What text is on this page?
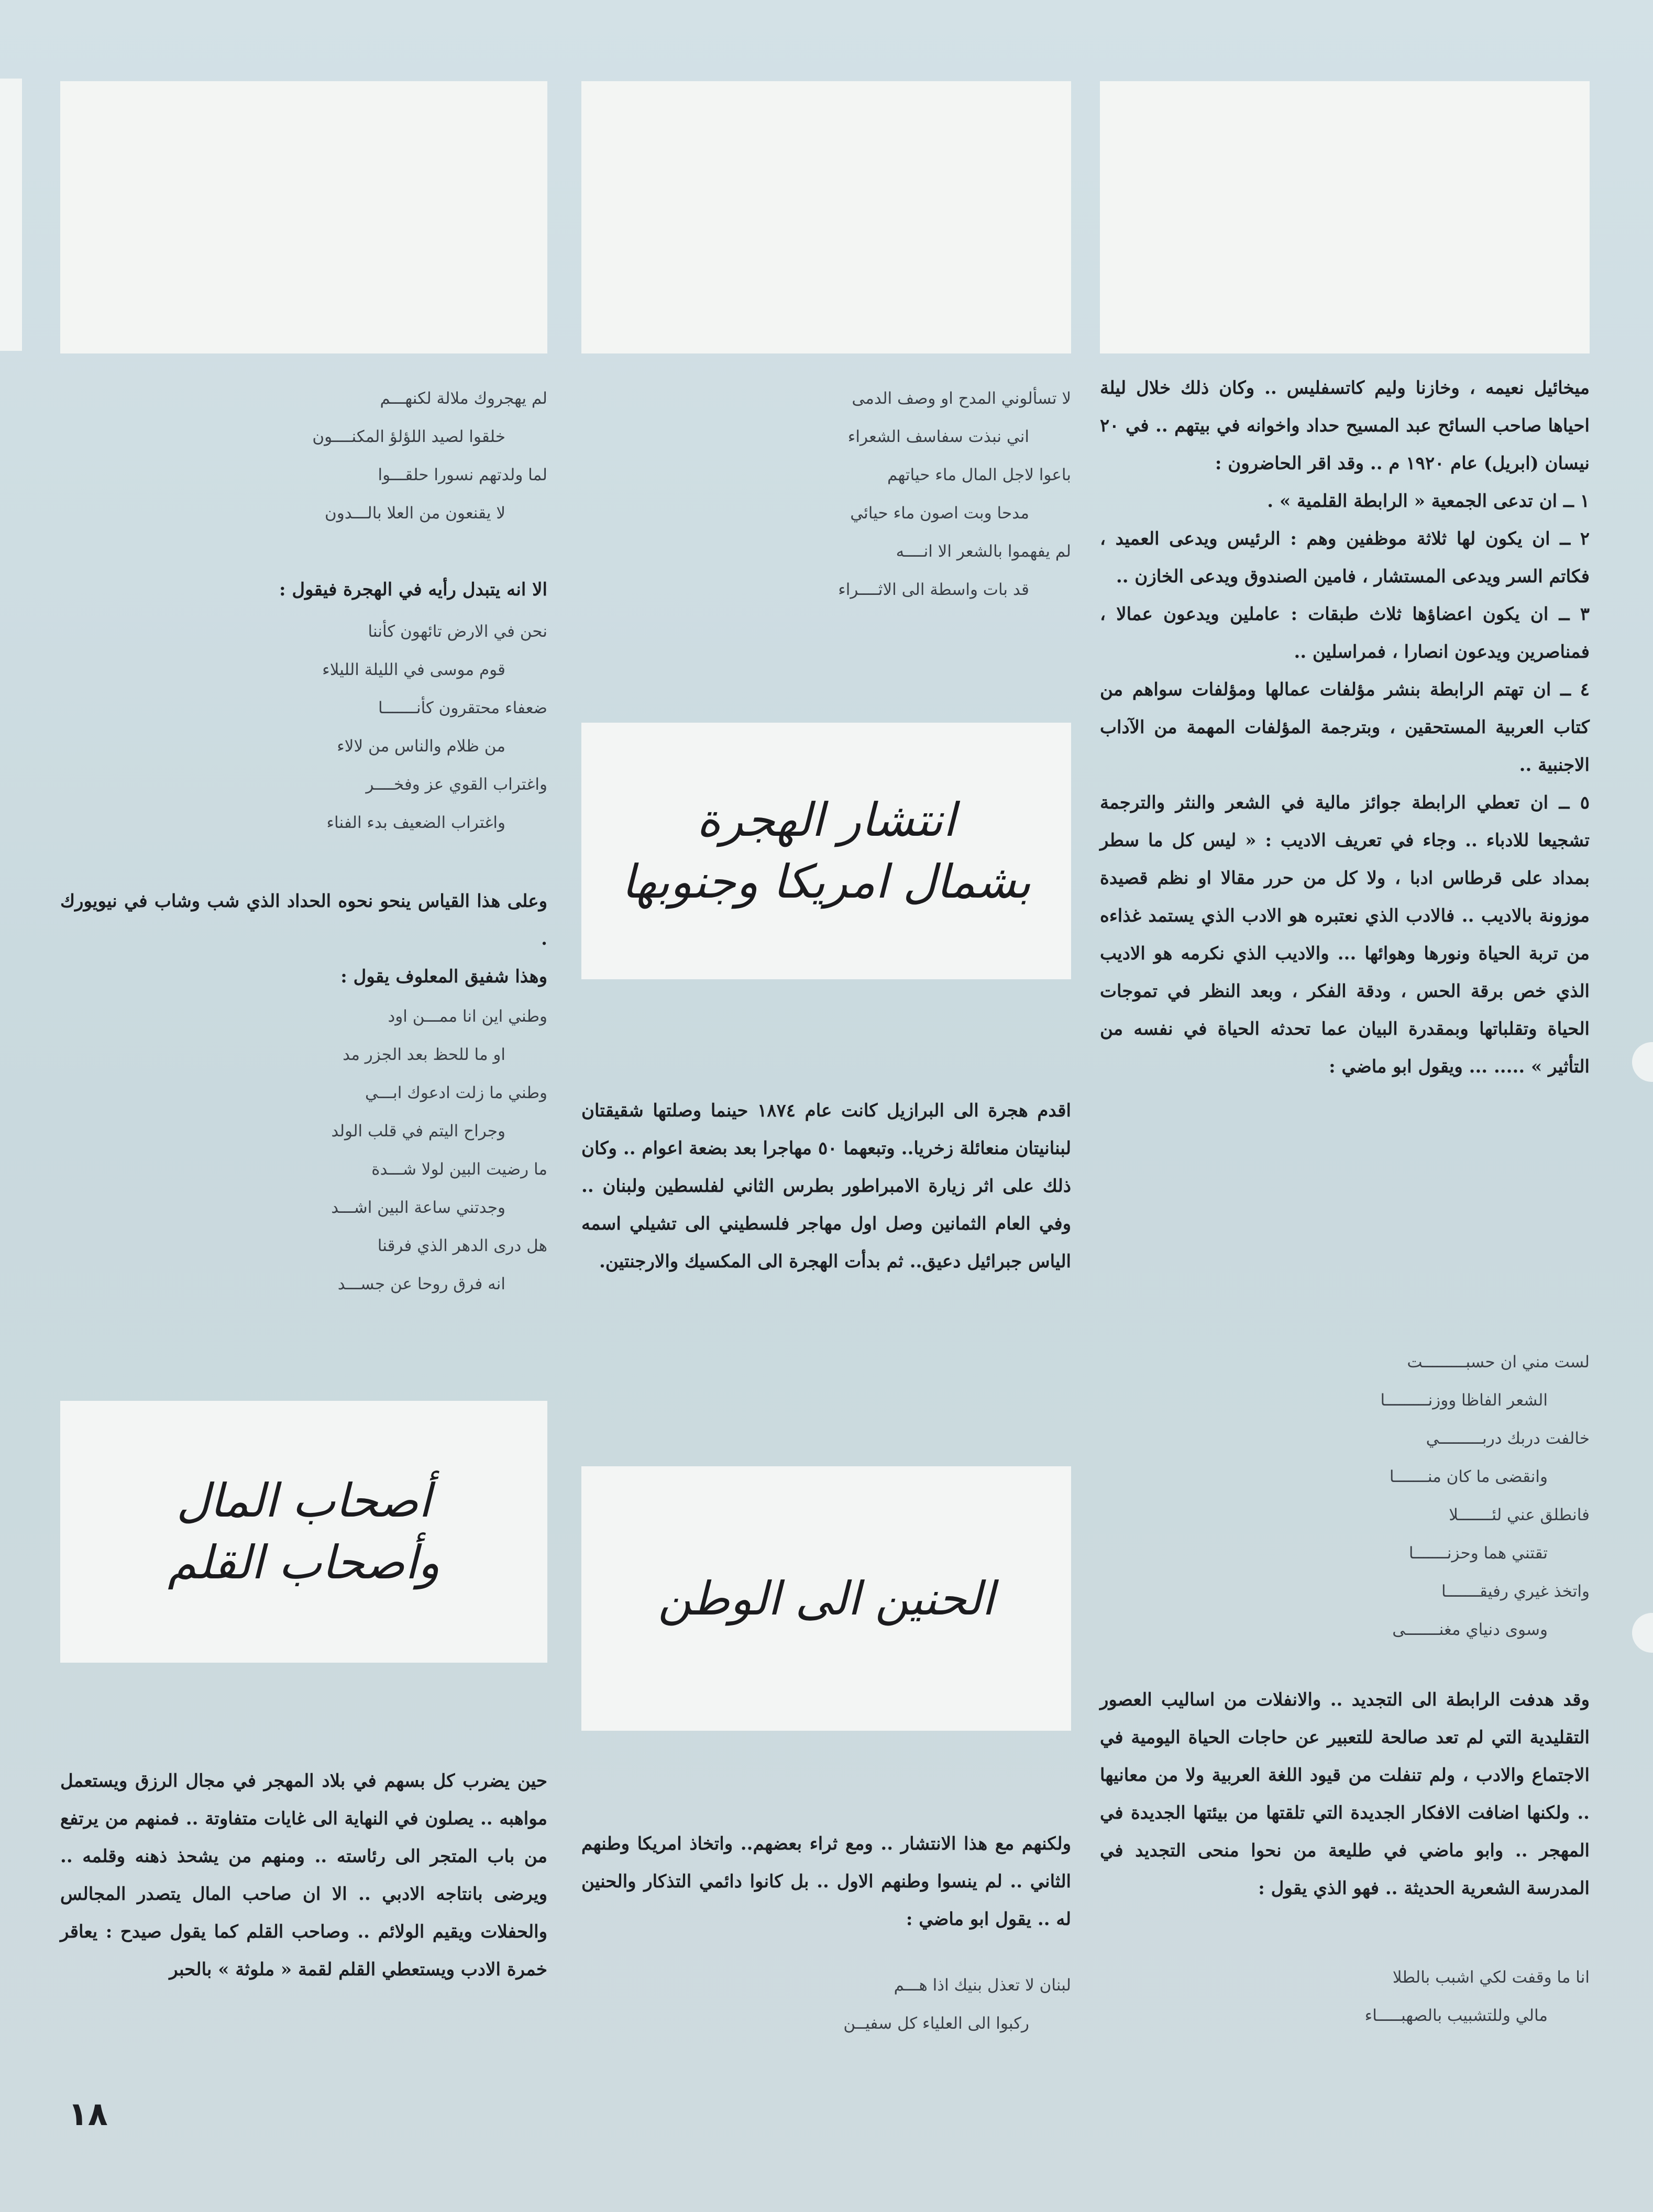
ميخائيل نعيمه ، وخازنا وليم كاتسفليس .. وكان ذلك خلال ليلة احياها صاحب السائح عبد المسيح حداد واخوانه في بيتهم .. في ٢٠ نيسان (ابريل) عام ١٩٢٠ م .. وقد اقر الحاضرون :

١ ــ ان تدعى الجمعية « الرابطة القلمية » .

٢ ــ ان يكون لها ثلاثة موظفين وهم : الرئيس ويدعى العميد ، فكاتم السر ويدعى المستشار ، فامين الصندوق ويدعى الخازن ..

٣ ــ ان يكون اعضاؤها ثلاث طبقات : عاملين ويدعون عمالا ، فمناصرين ويدعون انصارا ، فمراسلين ..

٤ ــ ان تهتم الرابطة بنشر مؤلفات عمالها ومؤلفات سواهم من كتاب العربية المستحقين ، وبترجمة المؤلفات المهمة من الآداب الاجنبية ..

٥ ــ ان تعطي الرابطة جوائز مالية في الشعر والنثر والترجمة تشجيعا للادباء .. وجاء في تعريف الاديب : « ليس كل ما سطر بمداد على قرطاس ادبا ، ولا كل من حرر مقالا او نظم قصيدة موزونة بالاديب .. فالادب الذي نعتبره هو الادب الذي يستمد غذاءه من تربة الحياة ونورها وهوائها ... والاديب الذي نكرمه هو الاديب الذي خص برقة الحس ، ودقة الفكر ، وبعد النظر في تموجات الحياة وتقلباتها وبمقدرة البيان عما تحدثه الحياة في نفسه من التأثير » ..... ... ويقول ابو ماضي :

لست مني ان حسبـــــــــت
الشعر الفاظا ووزنـــــــــا
خالفت دربك دربـــــــــي
وانقضى ما كان منـــــــا
فانطلق عني لئـــــــلا
تقتني هما وحزنـــــــا
واتخذ غيري رفيقـــــــا
وسوى دنياي مغنـــــــى

وقد هدفت الرابطة الى التجديد .. والانفلات من اساليب العصور التقليدية التي لم تعد صالحة للتعبير عن حاجات الحياة اليومية في الاجتماع والادب ، ولم تنفلت من قيود اللغة العربية ولا من معانيها .. ولكنها اضافت الافكار الجديدة التي تلقتها من بيئتها الجديدة في المهجر .. وابو ماضي في طليعة من نحوا منحى التجديد في المدرسة الشعرية الحديثة .. فهو الذي يقول :

انا ما وقفت لكي اشبب بالطلا
مالي وللتشبيب بالصهبـــــاء
لا تسألوني المدح او وصف الدمى
اني نبذت سفاسف الشعراء
باعوا لاجل المال ماء حياتهم
مدحا وبت اصون ماء حيائي
لم يفهموا بالشعر الا انــــه
قد بات واسطة الى الاثــــراء
انتشار الهجرة
بشمال امريكا وجنوبها

اقدم هجرة الى البرازيل كانت عام ١٨٧٤ حينما وصلتها شقيقتان لبنانيتان منعائلة زخريا.. وتبعهما ٥٠ مهاجرا بعد بضعة اعوام .. وكان ذلك على اثر زيارة الامبراطور بطرس الثاني لفلسطين ولبنان .. وفي العام الثمانين وصل اول مهاجر فلسطيني الى تشيلي اسمه الياس جبرائيل دعيق.. ثم بدأت الهجرة الى المكسيك والارجنتين.

الحنين الى الوطن

ولكنهم مع هذا الانتشار .. ومع ثراء بعضهم.. واتخاذ امريكا وطنهم الثاني .. لم ينسوا وطنهم الاول .. بل كانوا دائمي التذكار والحنين له .. يقول ابو ماضي :

لبنان لا تعذل بنيك اذا هـــم
ركبوا الى العلياء كل سفيــن
لم يهجروك ملالة لكنهـــم
خلقوا لصيد اللؤلؤ المكنــــون
لما ولدتهم نسورا حلقـــوا
لا يقنعون من العلا بالـــدون

الا انه يتبدل رأيه في الهجرة فيقول :

نحن في الارض تائهون كأننا
قوم موسى في الليلة الليلاء
ضعفاء محتقرون كأنـــــــا
من ظلام والناس من لالاء
واغتراب القوي عز وفخــــر
واغتراب الضعيف بدء الفناء

وعلى هذا القياس ينحو نحوه الحداد الذي شب وشاب في نيويورك .

وهذا شفيق المعلوف يقول :

وطني اين انا ممـــن اود
او ما للحظ بعد الجزر مد
وطني ما زلت ادعوك ابـــي
وجراح اليتم في قلب الولد
ما رضيت البين لولا شـــدة
وجدتني ساعة البين اشـــد
هل درى الدهر الذي فرقنا
انه فرق روحا عن جســـد
أصحاب المال
وأصحاب القلم

حين يضرب كل بسهم في بلاد المهجر في مجال الرزق ويستعمل مواهبه .. يصلون في النهاية الى غايات متفاوتة .. فمنهم من يرتفع من باب المتجر الى رئاسته .. ومنهم من يشحذ ذهنه وقلمه .. ويرضى بانتاجه الادبي .. الا ان صاحب المال يتصدر المجالس والحفلات ويقيم الولائم .. وصاحب القلم كما يقول صيدح : يعاقر خمرة الادب ويستعطي القلم لقمة « ملوثة » بالحبر

١٨
